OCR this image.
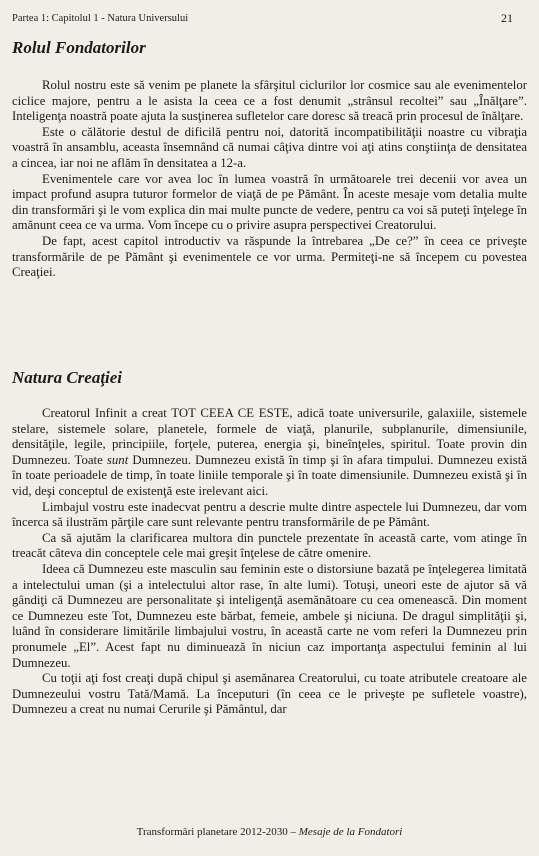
Partea 1: Capitolul 1 - Natura Universului	21
Rolul Fondatorilor

Rolul nostru este să venim pe planete la sfârşitul ciclurilor lor cosmice sau ale evenimentelor ciclice majore, pentru a le asista la ceea ce a fost denumit „strânsul recoltei” sau „Înălţare”. Inteligenţa noastră poate ajuta la susţinerea sufletelor care doresc să treacă prin procesul de înălţare.

Este o călătorie destul de dificilă pentru noi, datorită incompatibilităţii noastre cu vibraţia voastră în ansamblu, aceasta însemnând că numai câţiva dintre voi aţi atins conştiinţa de densitatea a cincea, iar noi ne aflăm în densitatea a 12-a.

Evenimentele care vor avea loc în lumea voastră în următoarele trei decenii vor avea un impact profund asupra tuturor formelor de viaţă de pe Pământ. În aceste mesaje vom detalia multe din transformări şi le vom explica din mai multe puncte de vedere, pentru ca voi să puteţi înţelege în amănunt ceea ce va urma. Vom începe cu o privire asupra perspectivei Creatorului.

De fapt, acest capitol introductiv va răspunde la întrebarea „De ce?” în ceea ce priveşte transformările de pe Pământ şi evenimentele ce vor urma. Permiteţi-ne să începem cu povestea Creaţiei.

Natura Creaţiei

Creatorul Infinit a creat TOT CEEA CE ESTE, adică toate universurile, galaxiile, sistemele stelare, sistemele solare, planetele, formele de viaţă, planurile, subplanurile, dimensiunile, densităţile, legile, principiile, forţele, puterea, energia şi, bineînţeles, spiritul. Toate provin din Dumnezeu. Toate sunt Dumnezeu. Dumnezeu există în timp şi în afara timpului. Dumnezeu există în toate perioadele de timp, în toate liniile temporale şi în toate dimensiunile. Dumnezeu există şi în vid, deşi conceptul de existenţă este irelevant aici.

Limbajul vostru este inadecvat pentru a descrie multe dintre aspectele lui Dumnezeu, dar vom încerca să ilustrăm părţile care sunt relevante pentru transformările de pe Pământ.

Ca să ajutăm la clarificarea multora din punctele prezentate în această carte, vom atinge în treacăt câteva din conceptele cele mai greşit înţelese de către omenire.

Ideea că Dumnezeu este masculin sau feminin este o distorsiune bazată pe înţelegerea limitată a intelectului uman (şi a intelectului altor rase, în alte lumi). Totuşi, uneori este de ajutor să vă gândiţi că Dumnezeu are personalitate şi inteligenţă asemănătoare cu cea omenească. Din moment ce Dumnezeu este Tot, Dumnezeu este bărbat, femeie, ambele şi niciuna. De dragul simplităţii şi, luând în considerare limitările limbajului vostru, în această carte ne vom referi la Dumnezeu prin pronumele „El”. Acest fapt nu diminuează în niciun caz importanţa aspectului feminin al lui Dumnezeu.

Cu toţii aţi fost creaţi după chipul şi asemănarea Creatorului, cu toate atributele creatoare ale Dumnezeului vostru Tată/Mamă. La începuturi (în ceea ce le priveşte pe sufletele voastre), Dumnezeu a creat nu numai Cerurile şi Pământul, dar

Transformări planetare 2012-2030 – Mesaje de la Fondatori
